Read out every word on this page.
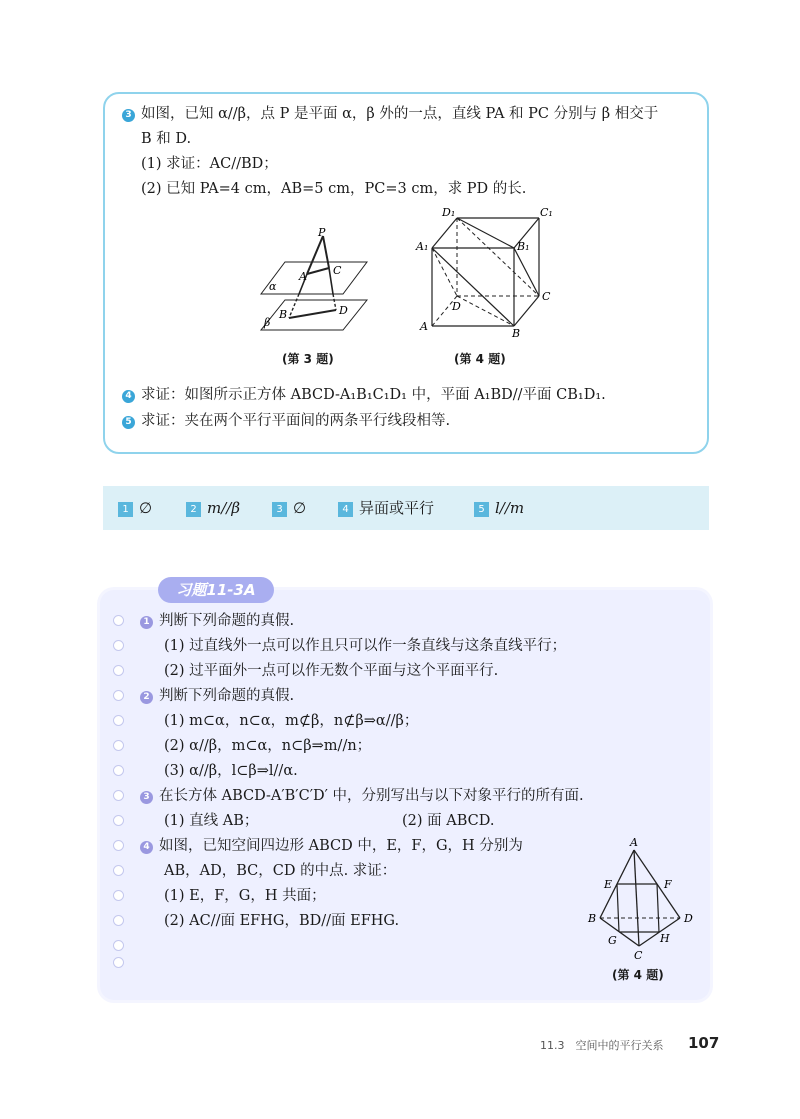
3 如图，已知 α//β，点 P 是平面 α，β 外的一点，直线 PA 和 PC 分别与 β 相交于
B 和 D.
(1) 求证：AC//BD；
(2) 已知 PA=4 cm，AB=5 cm，PC=3 cm，求 PD 的长.
P
A C
B	D
α
β
(第 3 题)
D₁	C₁
A₁	B₁
D
C
A
B
(第 4 题)
4 求证：如图所示正方体 ABCD-A₁B₁C₁D₁ 中，平面 A₁BD//平面 CB₁D₁.
5 求证：夹在两个平行平面间的两条平行线段相等.
1 ∅	2 m//β	3 ∅	4 异面或平行	5 l//m
习题11-3A
1 判断下列命题的真假.
(1) 过直线外一点可以作且只可以作一条直线与这条直线平行；
(2) 过平面外一点可以作无数个平面与这个平面平行.
2 判断下列命题的真假.
(1) m⊂α，n⊂α，m⊄β，n⊄β⇒α//β；
(2) α//β，m⊂α，n⊂β⇒m//n；
(3) α//β，l⊂β⇒l//α.
3 在长方体 ABCD-A′B′C′D′ 中，分别写出与以下对象平行的所有面.
(1) 直线 AB；	(2) 面 ABCD.
4 如图，已知空间四边形 ABCD 中，E，F，G，H 分别为
AB，AD，BC，CD 的中点. 求证：
(1) E，F，G，H 共面；
(2) AC//面 EFHG，BD//面 EFHG.
A
E	F
B	D
G	H
C
(第 4 题)
11.3　空间中的平行关系 107
